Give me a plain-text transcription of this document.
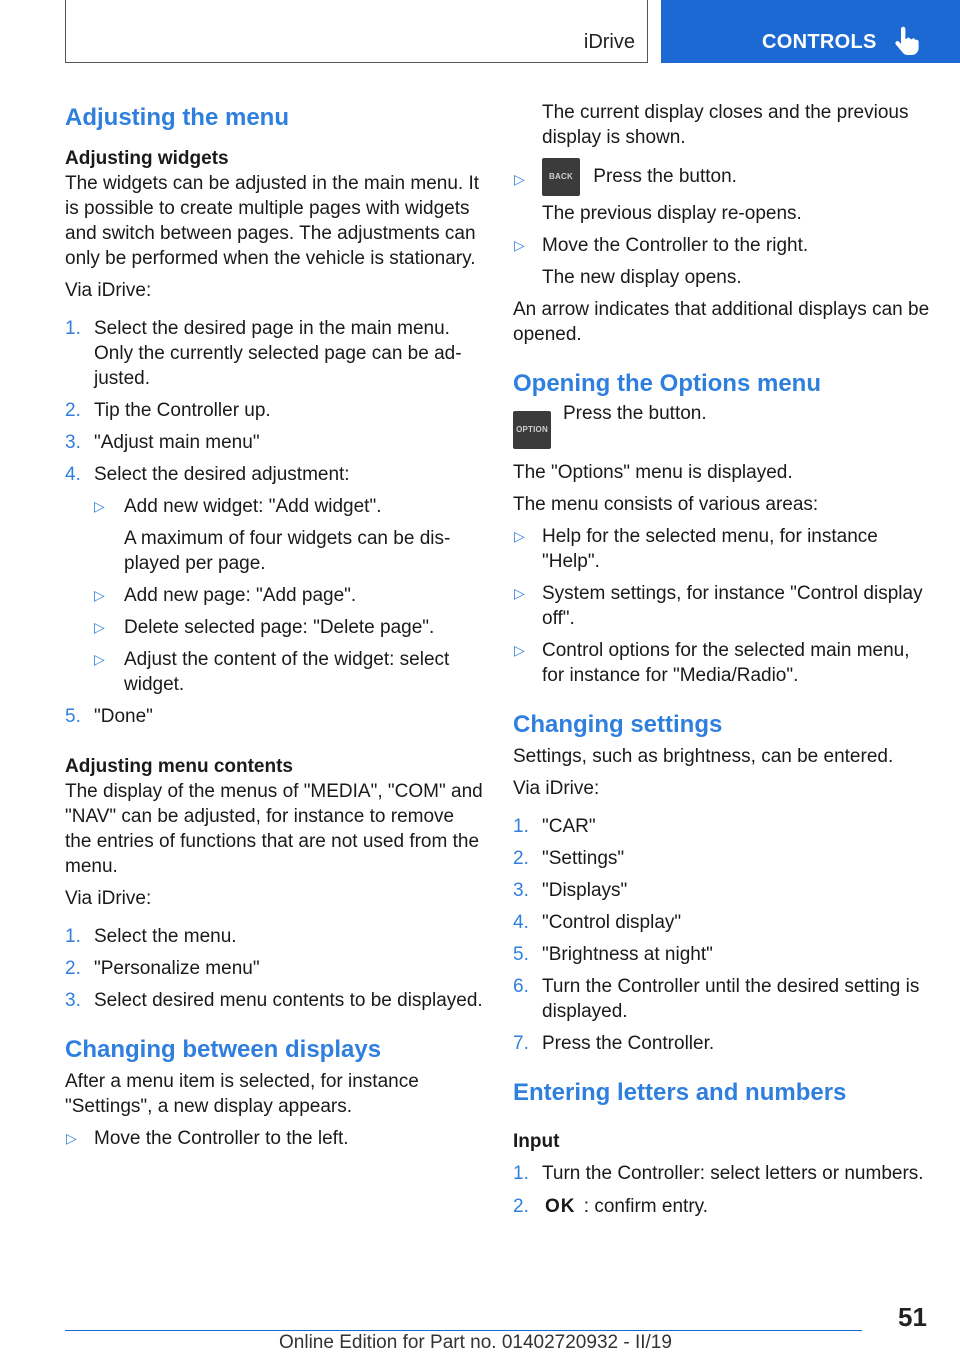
iDrive	CONTROLS
Adjusting the menu
Adjusting widgets

The widgets can be adjusted in the main menu. It is possible to create multiple pages with widgets and switch between pages. The adjustments can only be performed when the vehicle is stationary.

Via iDrive:

1. Select the desired page in the main menu.
Only the currently selected page can be adjusted.
2. Tip the Controller up.
3. "Adjust main menu"
4. Select the desired adjustment:
▷ Add new widget: "Add widget".
A maximum of four widgets can be displayed per page.
▷ Add new page: "Add page".
▷ Delete selected page: "Delete page".
▷ Adjust the content of the widget: select widget.
5. "Done"
Adjusting menu contents

The display of the menus of "MEDIA", "COM" and "NAV" can be adjusted, for instance to remove the entries of functions that are not used from the menu.

Via iDrive:

1. Select the menu.
2. "Personalize menu"
3. Select desired menu contents to be displayed.
Changing between displays

After a menu item is selected, for instance "Settings", a new display appears.

▷ Move the Controller to the left.
The current display closes and the previous display is shown.
▷	BACK Press the button.
The previous display re-opens.
▷ Move the Controller to the right.
The new display opens.

An arrow indicates that additional displays can be opened.

Opening the Options menu
OPTION
Press the button.

The "Options" menu is displayed.

The menu consists of various areas:

▷ Help for the selected menu, for instance "Help".
▷ System settings, for instance "Control display off".
▷ Control options for the selected main menu, for instance for "Media/Radio".
Changing settings

Settings, such as brightness, can be entered.

Via iDrive:

1. "CAR"
2. "Settings"
3. "Displays"
4. "Control display"
5. "Brightness at night"
6. Turn the Controller until the desired setting is displayed.
7. Press the Controller.
Entering letters and numbers
Input
1. Turn the Controller: select letters or numbers.
2. OK : confirm entry.
51
Online Edition for Part no. 01402720932 - II/19
